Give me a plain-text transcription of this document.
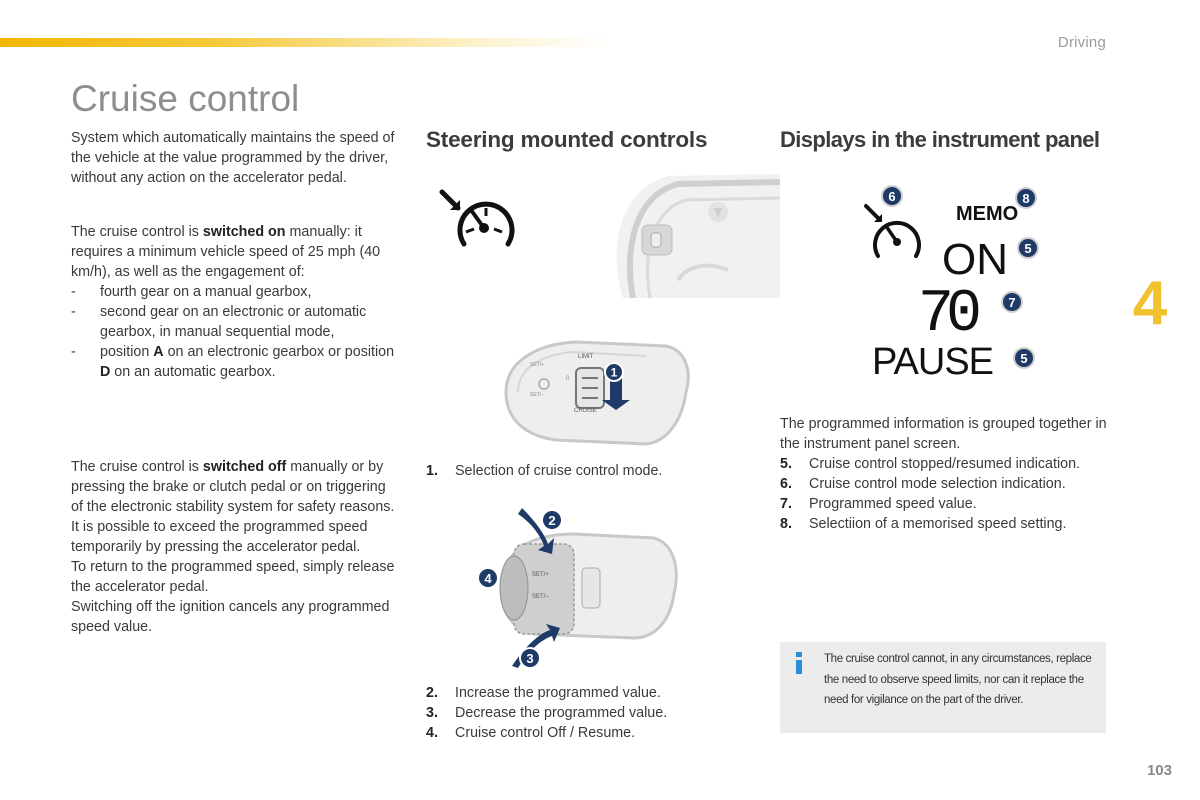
Driving
Cruise control

System which automatically maintains the speed of the vehicle at the value programmed by the driver, without any action on the accelerator pedal.

The cruise control is switched on manually: it requires a minimum vehicle speed of 25 mph (40 km/h), as well as the engagement of:

- fourth gear on a manual gearbox,
- second gear on an electronic or automatic gearbox, in manual sequential mode,
- position A on an electronic gearbox or position D on an automatic gearbox.

The cruise control is switched off manually or by pressing the brake or clutch pedal or on triggering of the electronic stability system for safety reasons.

It is possible to exceed the programmed speed temporarily by pressing the accelerator pedal.

To return to the programmed speed, simply release the accelerator pedal.

Switching off the ignition cancels any programmed speed value.

Steering mounted controls
LIMIT
CRUISE
SET/+
SET/−
0	1
1. Selection of cruise control mode.
SET/+
SET/−
2
3
4
2. Increase the programmed value.
3. Decrease the programmed value.
4. Cruise control Off / Resume.
Displays in the instrument panel
MEMO
ON
70
PAUSE
6	8
5
7
5

The programmed information is grouped together in the instrument panel screen.

5. Cruise control stopped/resumed indication.
6. Cruise control mode selection indication.
7. Programmed speed value.
8. Selectiion of a memorised speed setting.

The cruise control cannot, in any circumstances, replace the need to observe speed limits, nor can it replace the need for vigilance on the part of the driver.

4
103
